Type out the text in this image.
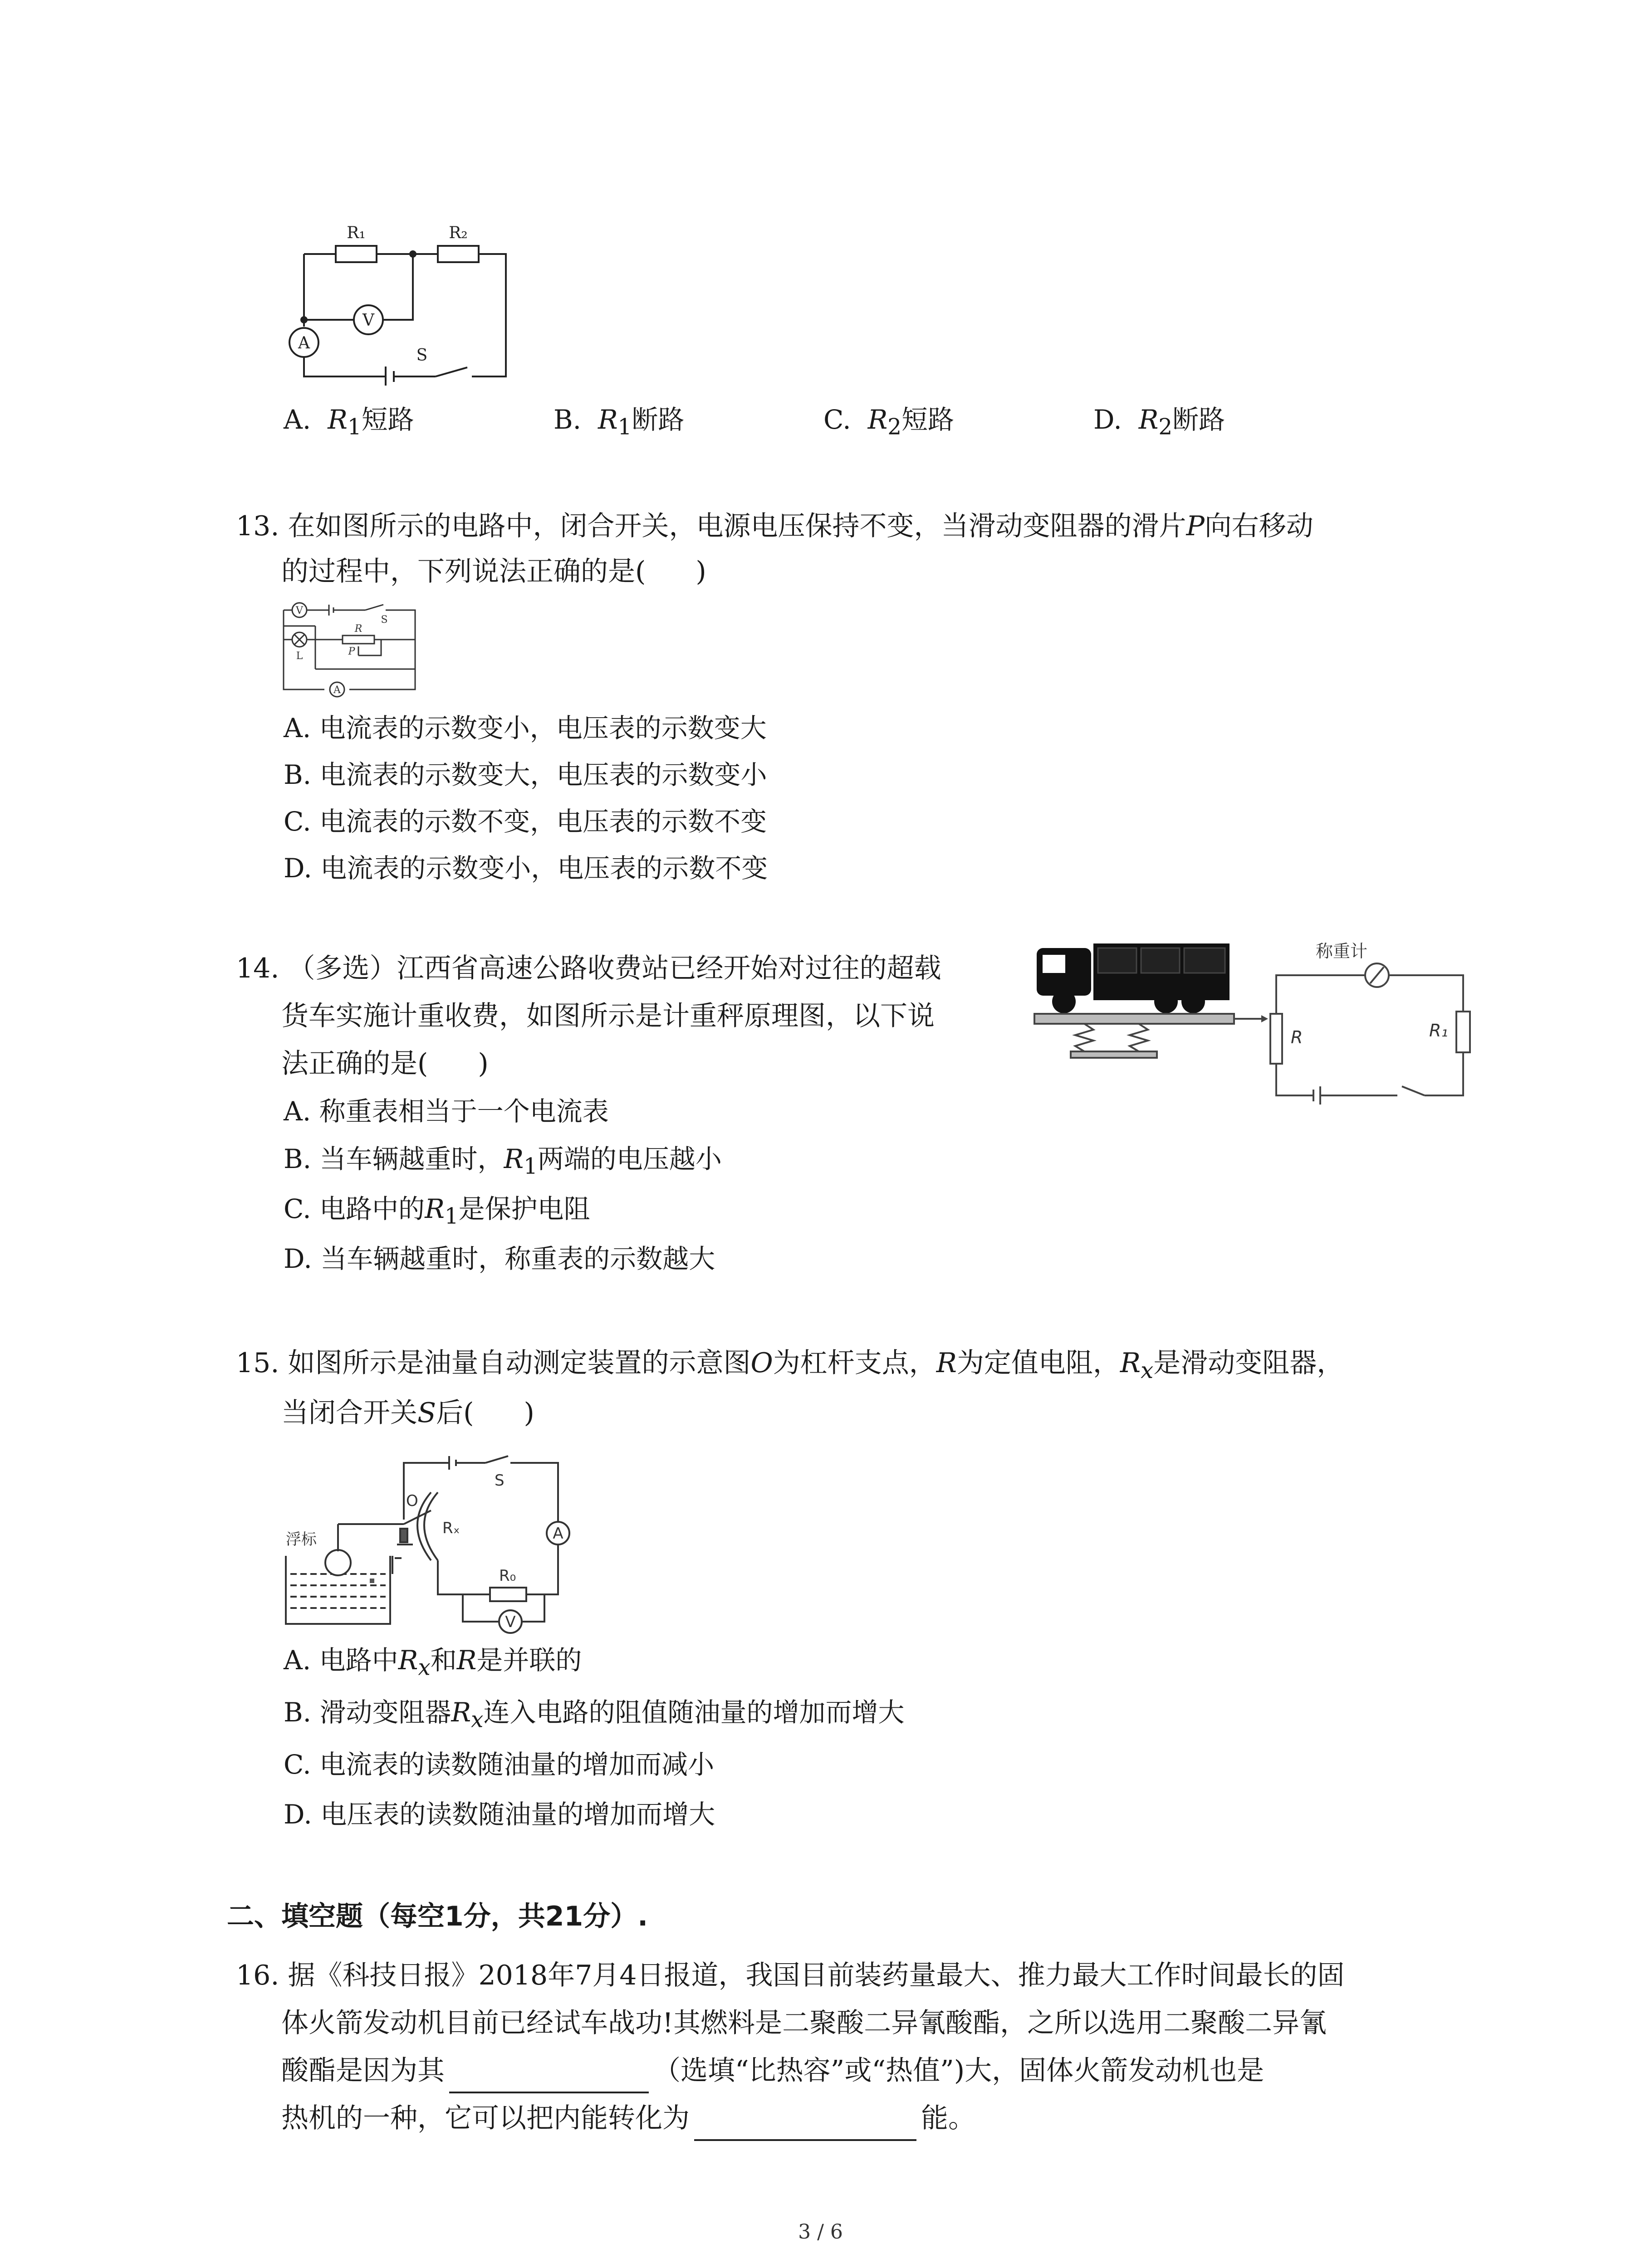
R₁	R₂
V
A
S
A. $R_1$短路	B. $R_1$断路	C. $R_2$短路	D. $R_2$断路
13. 在如图所示的电路中，闭合开关，电源电压保持不变，当滑动变阻器的滑片P向右移动
的过程中，下列说法正确的是( )
V
S
R
L	P
A
A. 电流表的示数变小，电压表的示数变大
B. 电流表的示数变大，电压表的示数变小
C. 电流表的示数不变，电压表的示数不变
D. 电流表的示数变小，电压表的示数不变
14. （多选）江西省高速公路收费站已经开始对过往的超载
货车实施计重收费，如图所示是计重秤原理图，以下说
法正确的是( )
称重计
R	R₁
A. 称重表相当于一个电流表
B. 当车辆越重时，$R_1$两端的电压越小
C. 电路中的$R_1$是保护电阻
D. 当车辆越重时，称重表的示数越大
15. 如图所示是油量自动测定装置的示意图O为杠杆支点，R为定值电阻，$R_x$是滑动变阻器，
当闭合开关S后( )
浮标
O
Rₓ
S
A
R₀
V
A. 电路中$R_x$和R是并联的
B. 滑动变阻器$R_x$连入电路的阻值随油量的增加而增大
C. 电流表的读数随油量的增加而减小
D. 电压表的读数随油量的增加而增大
二、填空题（每空1分，共21分）.
16. 据《科技日报》2018年7月4日报道，我国目前装药量最大、推力最大工作时间最长的固
体火箭发动机目前已经试车战功!其燃料是二聚酸二异氰酸酯，之所以选用二聚酸二异氰
酸酯是因为其	（选填“比热容”或“热值”)大，固体火箭发动机也是
热机的一种，它可以把内能转化为	能。
3 / 6
